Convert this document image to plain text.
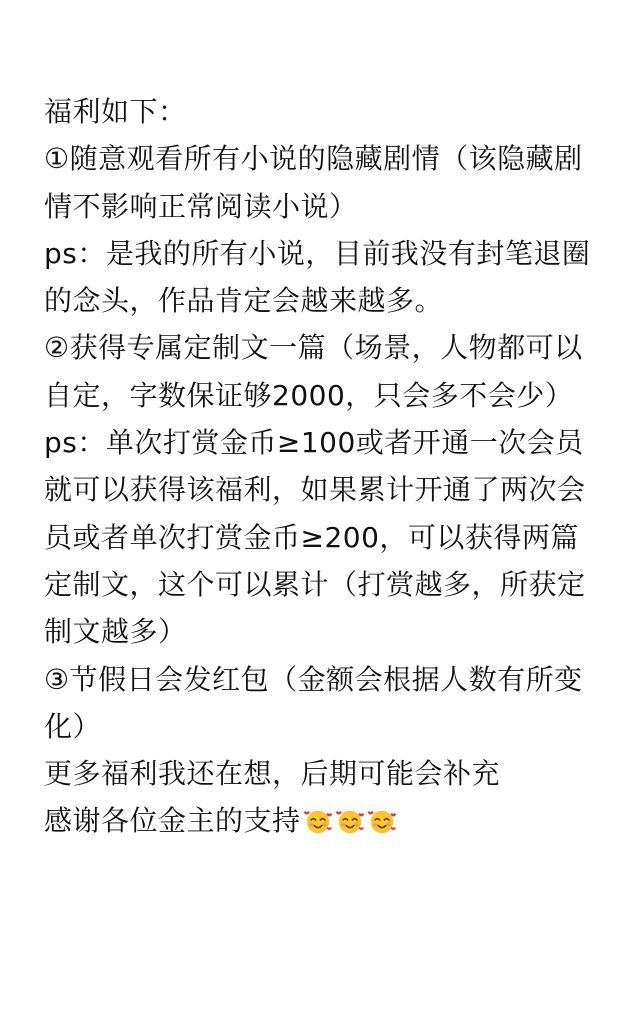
福利如下：
①随意观看所有小说的隐藏剧情（该隐藏剧
情不影响正常阅读小说）
ps：是我的所有小说，目前我没有封笔退圈
的念头，作品肯定会越来越多。
②获得专属定制文一篇（场景，人物都可以
自定，字数保证够2000，只会多不会少）
ps：单次打赏金币≥100或者开通一次会员
就可以获得该福利，如果累计开通了两次会
员或者单次打赏金币≥200，可以获得两篇
定制文，这个可以累计（打赏越多，所获定
制文越多）
③节假日会发红包（金额会根据人数有所变
化）
更多福利我还在想，后期可能会补充
感谢各位金主的支持
